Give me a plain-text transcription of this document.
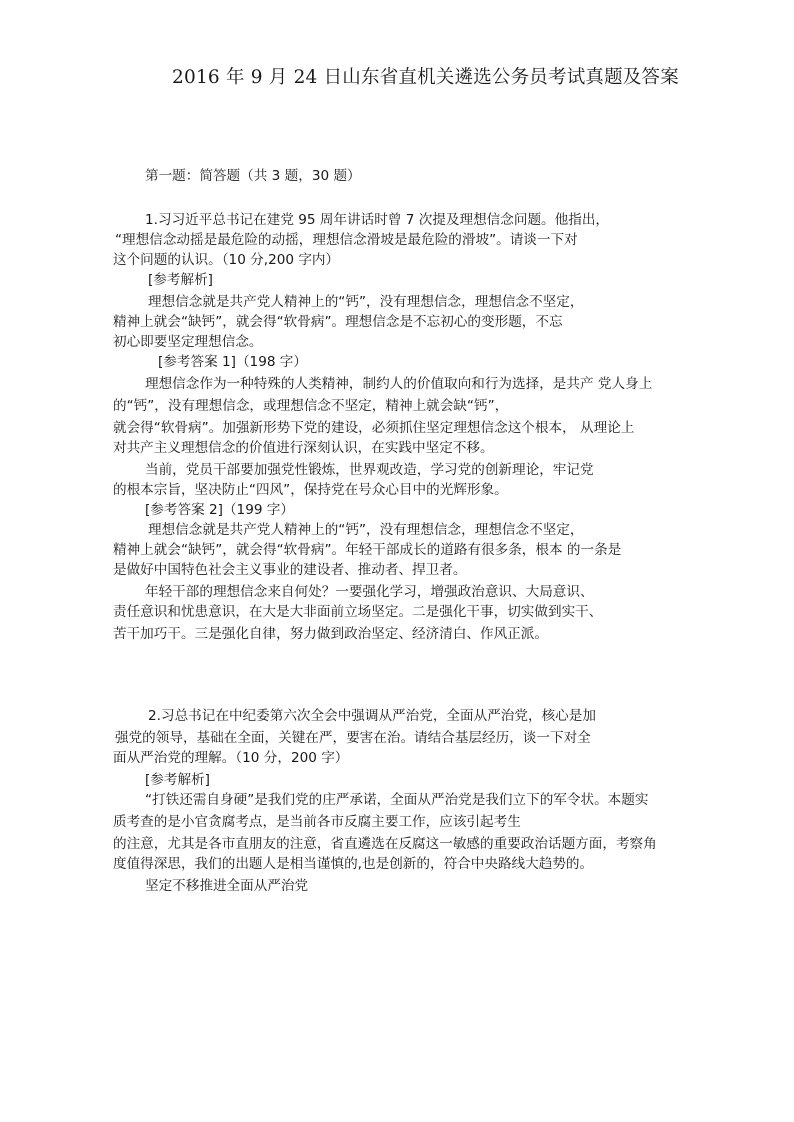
2016 年 9 月 24 日山东省直机关遴选公务员考试真题及答案
第一题：简答题（共 3 题，30 题）
1.习习近平总书记在建党 95 周年讲话时曾 7 次提及理想信念问题。他指出，
“理想信念动摇是最危险的动摇，理想信念滑坡是最危险的滑坡”。请谈一下对
这个问题的认识。（10 分,200 字内）
[参考解析]
理想信念就是共产党人精神上的“钙”，没有理想信念，理想信念不坚定，
精神上就会“缺钙”，就会得“软骨病”。理想信念是不忘初心的变形题，不忘
初心即要坚定理想信念。
[参考答案 1]（198 字）
理想信念作为一种特殊的人类精神，制约人的价值取向和行为选择，是共产 党人身上
的“钙”，没有理想信念，或理想信念不坚定，精神上就会缺“钙”，
就会得“软骨病”。加强新形势下党的建设，必须抓住坚定理想信念这个根本， 从理论上
对共产主义理想信念的价值进行深刻认识，在实践中坚定不移。
当前，党员干部要加强党性锻炼，世界观改造，学习党的创新理论，牢记党
的根本宗旨，坚决防止“四风”，保持党在号众心目中的光辉形象。
[参考答案 2]（199 字）
理想信念就是共产党人精神上的“钙”，没有理想信念，理想信念不坚定，
精神上就会“缺钙”，就会得“软骨病”。年轻干部成长的道路有很多条，根本 的一条是
是做好中国特色社会主义事业的建设者、推动者、捍卫者。
年轻干部的理想信念来自何处？一要强化学习，增强政治意识、大局意识、
责任意识和忧患意识，在大是大非面前立场坚定。二是强化干事，切实做到实干、
苦干加巧干。三是强化自律，努力做到政治坚定、经济清白、作风正派。
2.习总书记在中纪委第六次全会中强调从严治党，全面从严治党，核心是加
强党的领导，基础在全面，关键在严，要害在治。请结合基层经历，谈一下对全
面从严治党的理解。（10 分，200 字）
[参考解析]
“打铁还需自身硬”是我们党的庄严承诺，全面从严治党是我们立下的军令状。本题实
质考查的是小官贪腐考点，是当前各市反腐主要工作，应该引起考生
的注意，尤其是各市直朋友的注意，省直遴选在反腐这一敏感的重要政治话题方面，考察角
度值得深思，我们的出题人是相当谨慎的,也是创新的，符合中央路线大趋势的。
坚定不移推进全面从严治党
